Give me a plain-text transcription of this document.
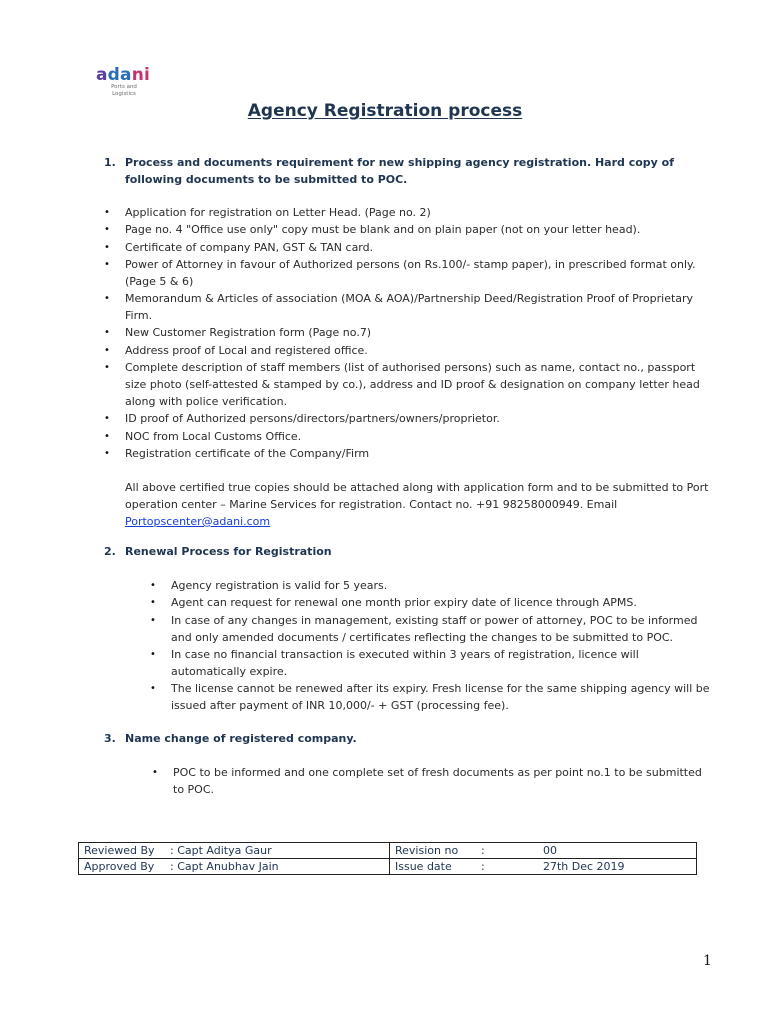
adani
Ports and Logistics
Agency Registration process
1. Process and documents requirement for new shipping agency registration. Hard copy of following documents to be submitted to POC.
• Application for registration on Letter Head. (Page no. 2)
• Page no. 4 "Office use only" copy must be blank and on plain paper (not on your letter head).
• Certificate of company PAN, GST & TAN card.
• Power of Attorney in favour of Authorized persons (on Rs.100/- stamp paper), in prescribed format only. (Page 5 & 6)
• Memorandum & Articles of association (MOA & AOA)/Partnership Deed/Registration Proof of Proprietary Firm.
• New Customer Registration form (Page no.7)
• Address proof of Local and registered office.
• Complete description of staff members (list of authorised persons) such as name, contact no., passport size photo (self-attested & stamped by co.), address and ID proof & designation on company letter head along with police verification.
• ID proof of Authorized persons/directors/partners/owners/proprietor.
• NOC from Local Customs Office.
• Registration certificate of the Company/Firm
All above certified true copies should be attached along with application form and to be submitted to Port operation center – Marine Services for registration. Contact no. +91 98258000949. Email
Portopscenter@adani.com
2. Renewal Process for Registration
• Agency registration is valid for 5 years.
• Agent can request for renewal one month prior expiry date of licence through APMS.
• In case of any changes in management, existing staff or power of attorney, POC to be informed and only amended documents / certificates reflecting the changes to be submitted to POC.
• In case no financial transaction is executed within 3 years of registration, licence will automatically expire.
• The license cannot be renewed after its expiry. Fresh license for the same shipping agency will be issued after payment of INR 10,000/- + GST (processing fee).
3. Name change of registered company.
• POC to be informed and one complete set of fresh documents as per point no.1 to be submitted to POC.
Reviewed By : Capt Aditya Gaur	Revision no : 00
Approved By : Capt Anubhav Jain	Issue date : 27th Dec 2019
1
